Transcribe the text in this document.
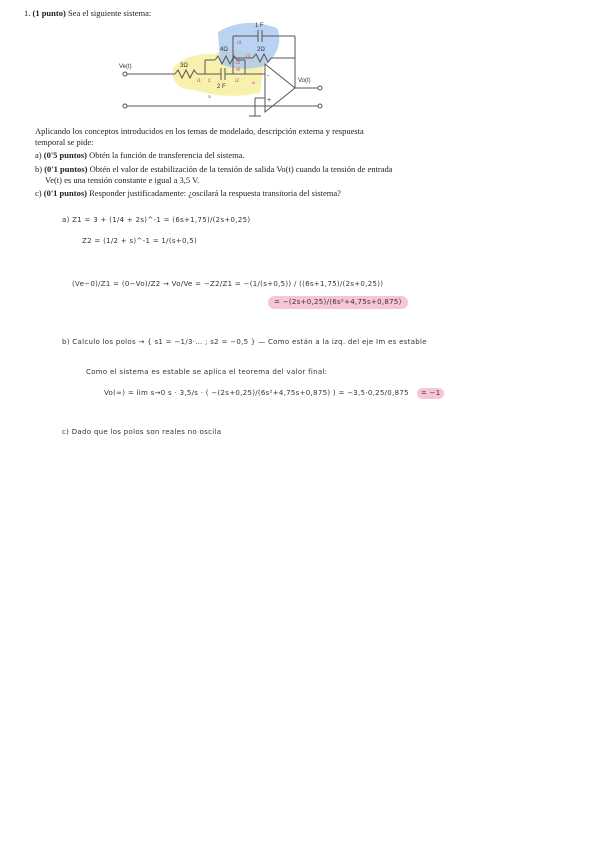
1. (1 punto) Sea el siguiente sistema:
Ve(t)
Vo(t)
3Ω
4Ω
2 F
1 F
2Ω
-
+
i1 C	i2
i3
i4
i5
i6
a
a
Aplicando los conceptos introducidos en los temas de modelado, descripción externa y respuesta temporal se pide:
a) (0'5 puntos) Obtén la función de transferencia del sistema.
b) (0'1 puntos) Obtén el valor de estabilización de la tensión de salida Vo(t) cuando la tensión de entrada Ve(t) es una tensión constante e igual a 3,5 V.
c) (0'1 puntos) Responder justificadamente: ¿oscilará la respuesta transitoria del sistema?
a) Z1 = 3 + (1/4 + 2s)^-1 = (6s+1,75)/(2s+0,25)
Z2 = (1/2 + s)^-1 = 1/(s+0,5)
(Ve−0)/Z1 = (0−Vo)/Z2 → Vo/Ve = −Z2/Z1 = −(1/(s+0,5)) / ((6s+1,75)/(2s+0,25))
= −(2s+0,25)/(6s²+4,75s+0,875)
b) Calculo los polos → { s1 = −1/3·… ; s2 = −0,5 } — Como están a la izq. del eje Im es estable
Como el sistema es estable se aplica el teorema del valor final:
Vo(∞) = lim s→0 s · 3,5/s · ( −(2s+0,25)/(6s²+4,75s+0,875) ) = −3,5·0,25/0,875	= −1
c) Dado que los polos son reales no oscila
